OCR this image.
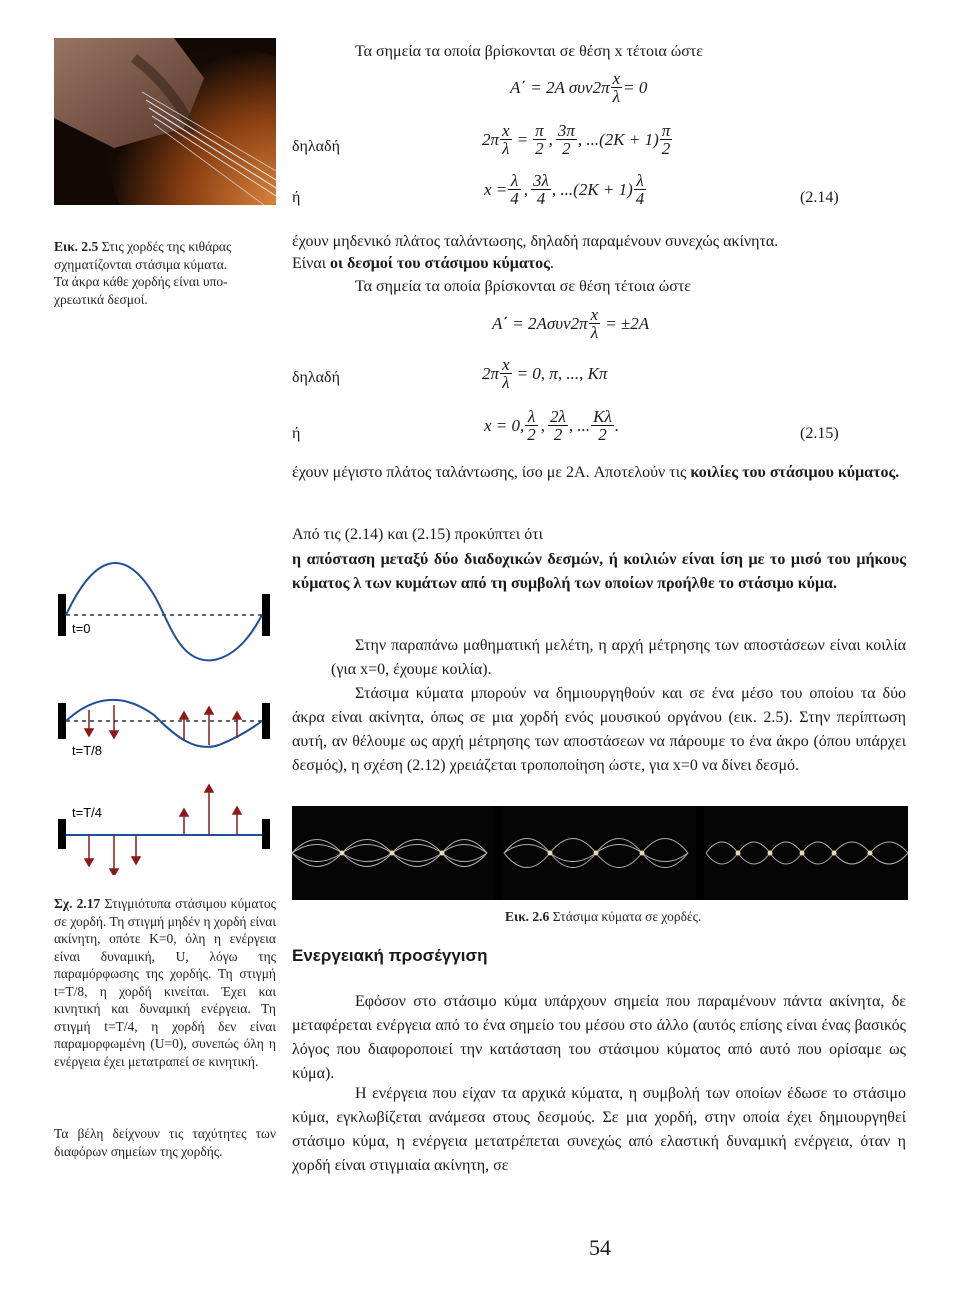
Εικ. 2.5 Στις χορδές της κιθάρας
σχηματίζονται στάσιμα κύματα.
Τα άκρα κάθε χορδής είναι υπο-
χρεωτικά δεσμοί.
Τα σημεία τα οποία βρίσκονται σε θέση x τέτοια ώστε
A΄ = 2A $\sigma\upsilon\nu 2\pi \frac{x}{\lambda} = 0$
δηλαδή	$2\pi \frac{x}{\lambda} = \frac{\pi}{2}$ , $\frac{3\pi}{2}$ , $...(2K + 1) \frac{\pi}{2}$
ή	$x = \frac{\lambda}{4}$ , $\frac{3\lambda}{4}$ , $...(2K + 1) \frac{\lambda}{4}$	(2.14)
έχουν μηδενικό πλάτος ταλάντωσης, δηλαδή παραμένουν συνεχώς ακίνητα.
Είναι οι δεσμοί του στάσιμου κύματος.
Τα σημεία τα οποία βρίσκονται σε θέση τέτοια ώστε
$A΄ = 2A\sigma\upsilon\nu 2\pi \frac{x}{\lambda} = \pm 2A$
δηλαδή	$2\pi \frac{x}{\lambda} = 0$, π, ..., Kπ
ή	x = 0, $\frac{\lambda}{2}$ , $\frac{2\lambda}{2}$ , ... $\frac{K\lambda}{2}$ .	(2.15)
έχουν μέγιστο πλάτος ταλάντωσης, ίσο με 2A. Αποτελούν τις κοιλίες του στάσιμου κύματος.
Από τις (2.14) και (2.15) προκύπτει ότι
η απόσταση μεταξύ δύο διαδοχικών δεσμών, ή κοιλιών είναι ίση με το μισό του μήκους κύματος λ των κυμάτων από τη συμβολή των οποίων προήλθε το στάσιμο κύμα.
Στην παραπάνω μαθηματική μελέτη, η αρχή μέτρησης των αποστάσεων είναι κοιλία (για x=0, έχουμε κοιλία).
Στάσιμα κύματα μπορούν να δημιουργηθούν και σε ένα μέσο του οποίου τα δύο άκρα είναι ακίνητα, όπως σε μια χορδή ενός μουσικού οργάνου (εικ. 2.5). Στην περίπτωση αυτή, αν θέλουμε ως αρχή μέτρησης των αποστάσεων να πάρουμε το ένα άκρο (όπου υπάρχει δεσμός), η σχέση (2.12) χρειάζεται τροποποίηση ώστε, για x=0 να δίνει δεσμό.
t=0
t=T/8
t=T/4
Σχ. 2.17 Στιγμιότυπα στάσιμου κύματος σε χορδή. Τη στιγμή μηδέν η χορδή είναι ακίνητη, οπότε K=0, όλη η ενέργεια είναι δυναμική, U, λόγω της παραμόρφωσης της χορδής. Τη στιγμή t=T/8, η χορδή κινείται. Έχει και κινητική και δυναμική ενέργεια. Τη στιγμή t=T/4, η χορδή δεν είναι παραμορφωμένη (U=0), συνεπώς όλη η ενέργεια έχει μετατραπεί σε κινητική.
Τα βέλη δείχνουν τις ταχύτητες των διαφόρων σημείων της χορδής.
Εικ. 2.6 Στάσιμα κύματα σε χορδές.
Ενεργειακή προσέγγιση
Εφόσον στο στάσιμο κύμα υπάρχουν σημεία που παραμένουν πάντα ακίνητα, δε μεταφέρεται ενέργεια από το ένα σημείο του μέσου στο άλλο (αυτός επίσης είναι ένας βασικός λόγος που διαφοροποιεί την κατάσταση του στάσιμου κύματος από αυτό που ορίσαμε ως κύμα).
Η ενέργεια που είχαν τα αρχικά κύματα, η συμβολή των οποίων έδωσε το στάσιμο κύμα, εγκλωβίζεται ανάμεσα στους δεσμούς. Σε μια χορδή, στην οποία έχει δημιουργηθεί στάσιμο κύμα, η ενέργεια μετατρέπεται συνεχώς από ελαστική δυναμική ενέργεια, όταν η χορδή είναι στιγμιαία ακίνητη, σε
54
